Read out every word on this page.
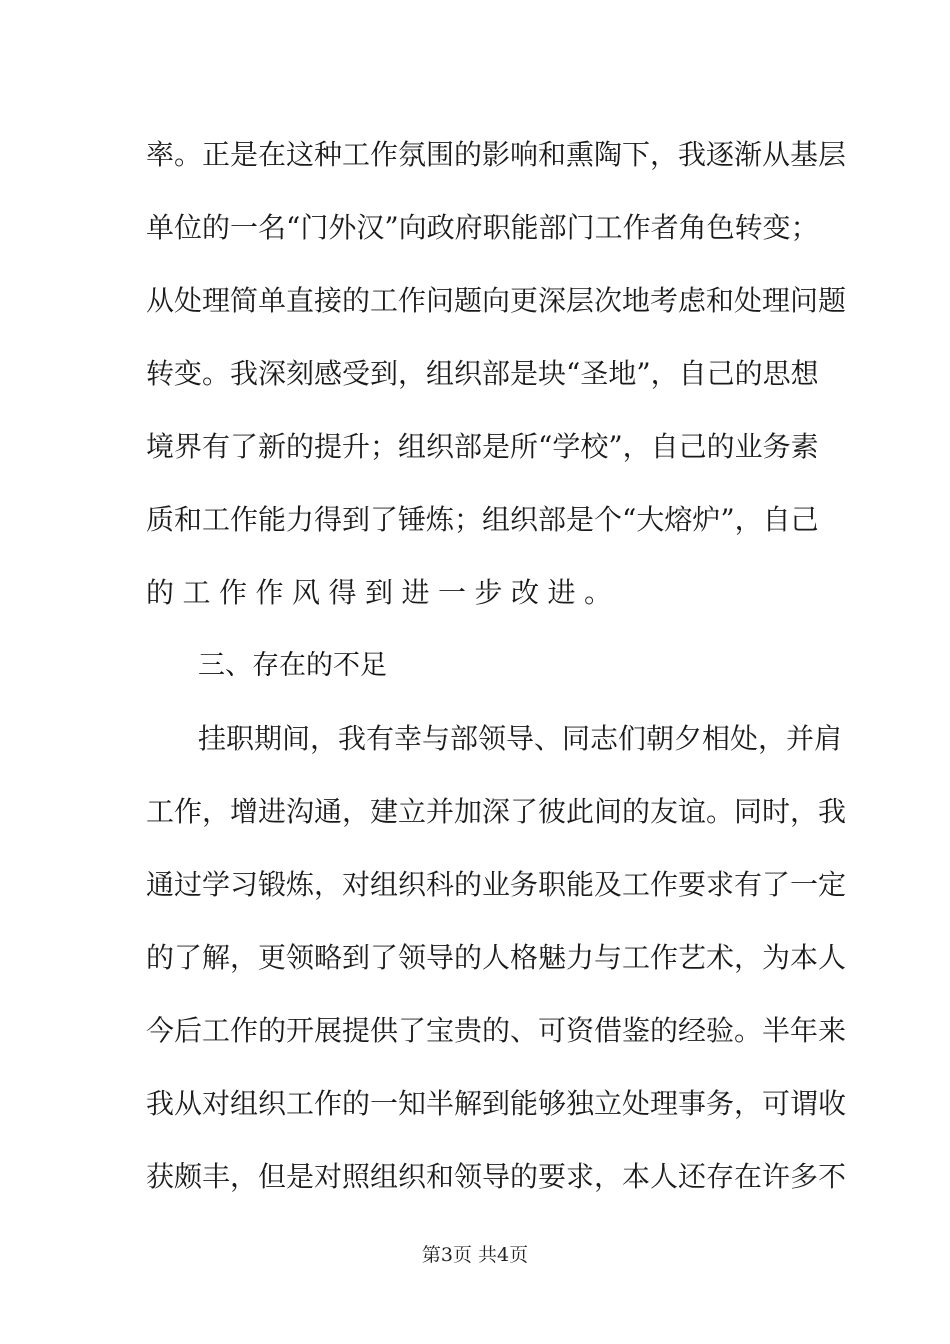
率。正是在这种工作氛围的影响和熏陶下，我逐渐从基层
单位的一名“门外汉”向政府职能部门工作者角色转变；
从处理简单直接的工作问题向更深层次地考虑和处理问题
转变。我深刻感受到，组织部是块“圣地”，自己的思想
境界有了新的提升；组织部是所“学校”，自己的业务素
质和工作能力得到了锤炼；组织部是个“大熔炉”，自己
的工作作风得到进一步改进。
三、存在的不足
挂职期间，我有幸与部领导、同志们朝夕相处，并肩
工作，增进沟通，建立并加深了彼此间的友谊。同时，我
通过学习锻炼，对组织科的业务职能及工作要求有了一定
的了解，更领略到了领导的人格魅力与工作艺术，为本人
今后工作的开展提供了宝贵的、可资借鉴的经验。半年来
我从对组织工作的一知半解到能够独立处理事务，可谓收
获颇丰，但是对照组织和领导的要求，本人还存在许多不
第3页 共4页
